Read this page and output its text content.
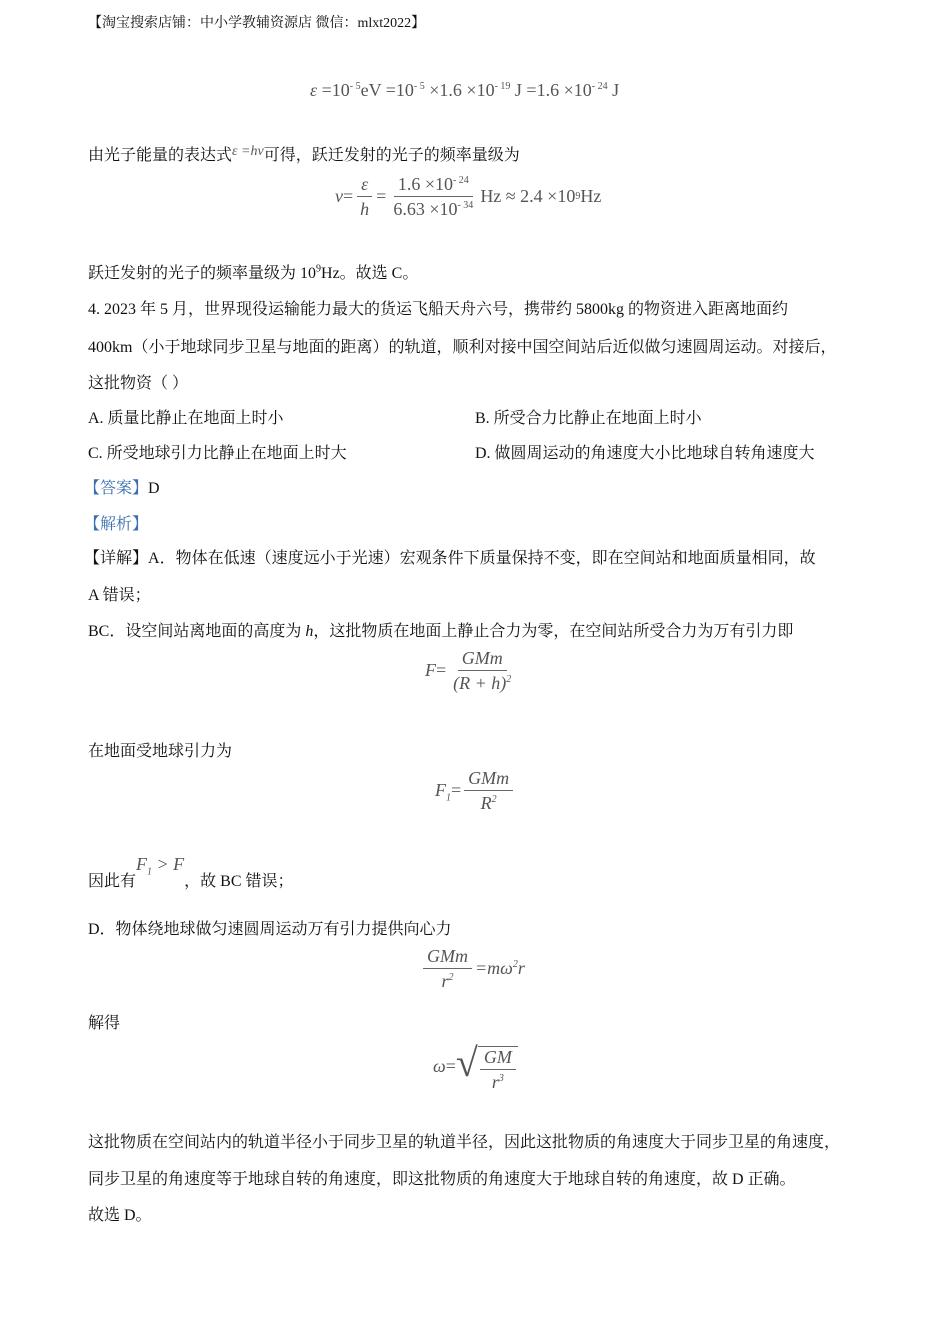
【淘宝搜索店铺：中小学教辅资源店 微信：mlxt2022】
$\varepsilon =10^{- 5}eV =10^{- 5} \times 1.6 \times 10^{- 19}$ $J =1.6 \times 10^{- 24}$ J
由光子能量的表达式ε =hν可得，跃迁发射的光子的频率量级为
$\nu = \frac{\varepsilon}{h} = \frac{1.6 \times 10^{- 24}}{6.63 \times 10^{- 34}}$ Hz ≈ 2.4 ×10 9 Hz
跃迁发射的光子的频率量级为 $10^9Hz$。故选 C。
4. 2023 年 5 月，世界现役运输能力最大的货运飞船天舟六号，携带约 5800kg 的物资进入距离地面约
400km（小于地球同步卫星与地面的距离）的轨道，顺利对接中国空间站后近似做匀速圆周运动。对接后，
这批物资（ ）
A. 质量比静止在地面上时小	B. 所受合力比静止在地面上时小
C. 所受地球引力比静止在地面上时大	D. 做圆周运动的角速度大小比地球自转角速度大
【答案】D
【解析】
【详解】A．物体在低速（速度远小于光速）宏观条件下质量保持不变，即在空间站和地面质量相同，故
A 错误；
BC．设空间站离地面的高度为 h，这批物质在地面上静止合力为零，在空间站所受合力为万有引力即
$F = \frac{\text{GMm}}{(R + h)^2}$
在地面受地球引力为
$F_1 = \frac{\text{GMm}}{R^2}$
因此有$F_1 > F$，故 BC 错误；
D．物体绕地球做匀速圆周运动万有引力提供向心力
$\frac{\text{GMm}}{r^2} =m\omega^2r$
解得
ω = √ $\frac{GM}{r^3}$
这批物质在空间站内的轨道半径小于同步卫星的轨道半径，因此这批物质的角速度大于同步卫星的角速度，
同步卫星的角速度等于地球自转的角速度，即这批物质的角速度大于地球自转的角速度，故 D 正确。
故选 D。
